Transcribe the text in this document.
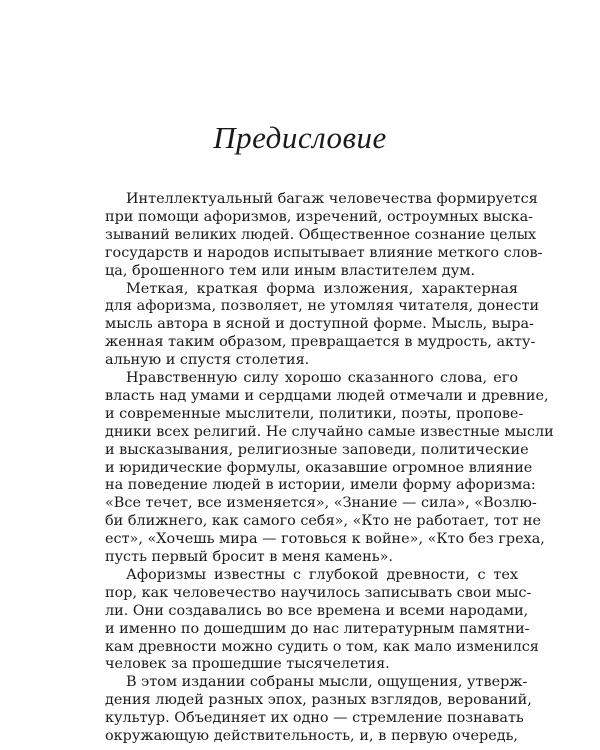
Предисловие
Интеллектуальный багаж человечества формируется
при помощи афоризмов, изречений, остроумных выска-
зываний великих людей. Общественное сознание целых
государств и народов испытывает влияние меткого слов-
ца, брошенного тем или иным властителем дум.
Меткая, краткая форма изложения, характерная
для афоризма, позволяет, не утомляя читателя, донести
мысль автора в ясной и доступной форме. Мысль, выра-
женная таким образом, превращается в мудрость, акту-
альную и спустя столетия.
Нравственную силу хорошо сказанного слова, его
власть над умами и сердцами людей отмечали и древние,
и современные мыслители, политики, поэты, пропове-
дники всех религий. Не случайно самые известные мысли
и высказывания, религиозные заповеди, политические
и юридические формулы, оказавшие огромное влияние
на поведение людей в истории, имели форму афоризма:
«Все течет, все изменяется», «Знание — сила», «Возлю-
би ближнего, как самого себя», «Кто не работает, тот не
ест», «Хочешь мира — готовься к войне», «Кто без греха,
пусть первый бросит в меня камень».
Афоризмы известны с глубокой древности, с тех
пор, как человечество научилось записывать свои мыс-
ли. Они создавались во все времена и всеми народами,
и именно по дошедшим до нас литературным памятни-
кам древности можно судить о том, как мало изменился
человек за прошедшие тысячелетия.
В этом издании собраны мысли, ощущения, утверж-
дения людей разных эпох, разных взглядов, верований,
культур. Объединяет их одно — стремление познавать
окружающую действительность, и, в первую очередь,
